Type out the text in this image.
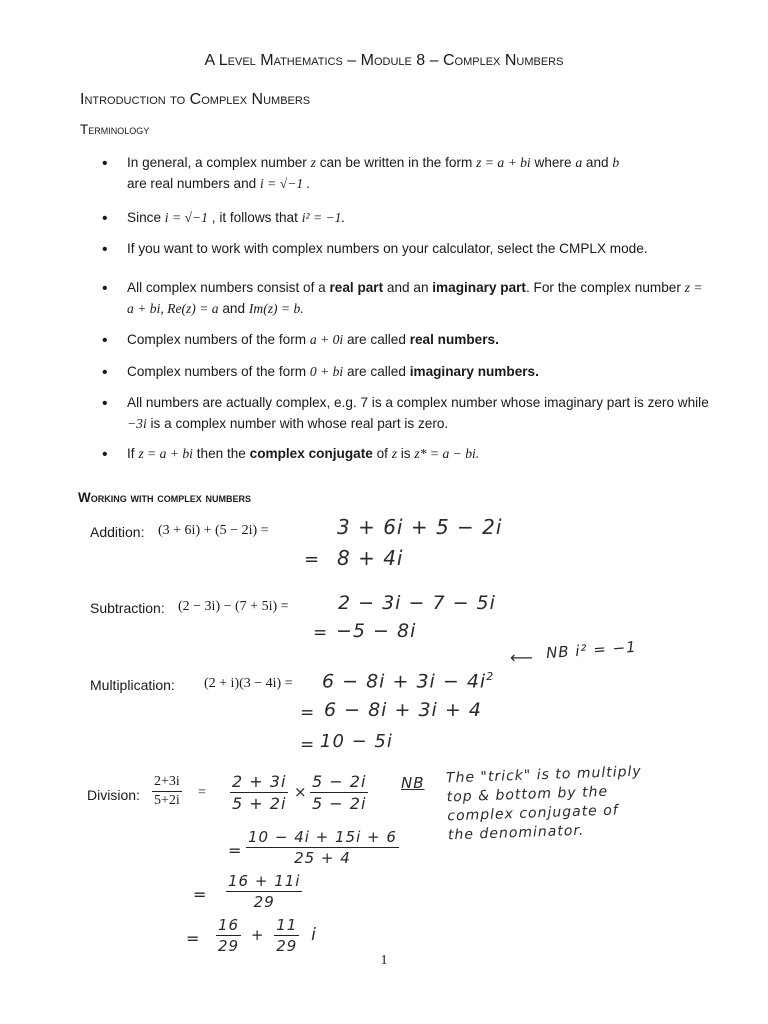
A Level Mathematics – Module 8 – Complex Numbers
Introduction to Complex Numbers
Terminology
• In general, a complex number z can be written in the form z = a + bi where a and b
are real numbers and i = √−1 .
• Since i = √−1 , it follows that i² = −1.
• If you want to work with complex numbers on your calculator, select the CMPLX mode.
• All complex numbers consist of a real part and an imaginary part. For the complex number z = a + bi, Re(z) = a and Im(z) = b.
• Complex numbers of the form a + 0i are called real numbers.
• Complex numbers of the form 0 + bi are called imaginary numbers.
• All numbers are actually complex, e.g. 7 is a complex number whose imaginary part is zero while −3i is a complex number with whose real part is zero.
• If z = a + bi then the complex conjugate of z is z* = a − bi.
Working with complex numbers
Addition: (3 + 6i) + (5 − 2i) =	3 + 6i + 5 − 2i
= 8 + 4i
Subtraction: (2 − 3i) − (7 + 5i) =	2 − 3i − 7 − 5i
= −5 − 8i
Multiplication: $(2 + i)(3 - 4i) = 6 - 8i + 3i - 4i^2$
⟵ NB i² = −1
= 6 − 8i + 3i + 4
= 10 − 5i
Division: $\frac{2+3i}{5+2i} = \frac{2 + 3i}{5 + 2i} \times \frac{5 - 2i}{5 - 2i}$ NB The "trick" is to multiply
top & bottom by the
complex conjugate of
the denominator.
= $\frac{10 - 4i + 15i + 6}{25 + 4}$
= $\frac{16 + 11i}{29}$
= $\frac{16}{29} + \frac{11}{29}$ i
1
